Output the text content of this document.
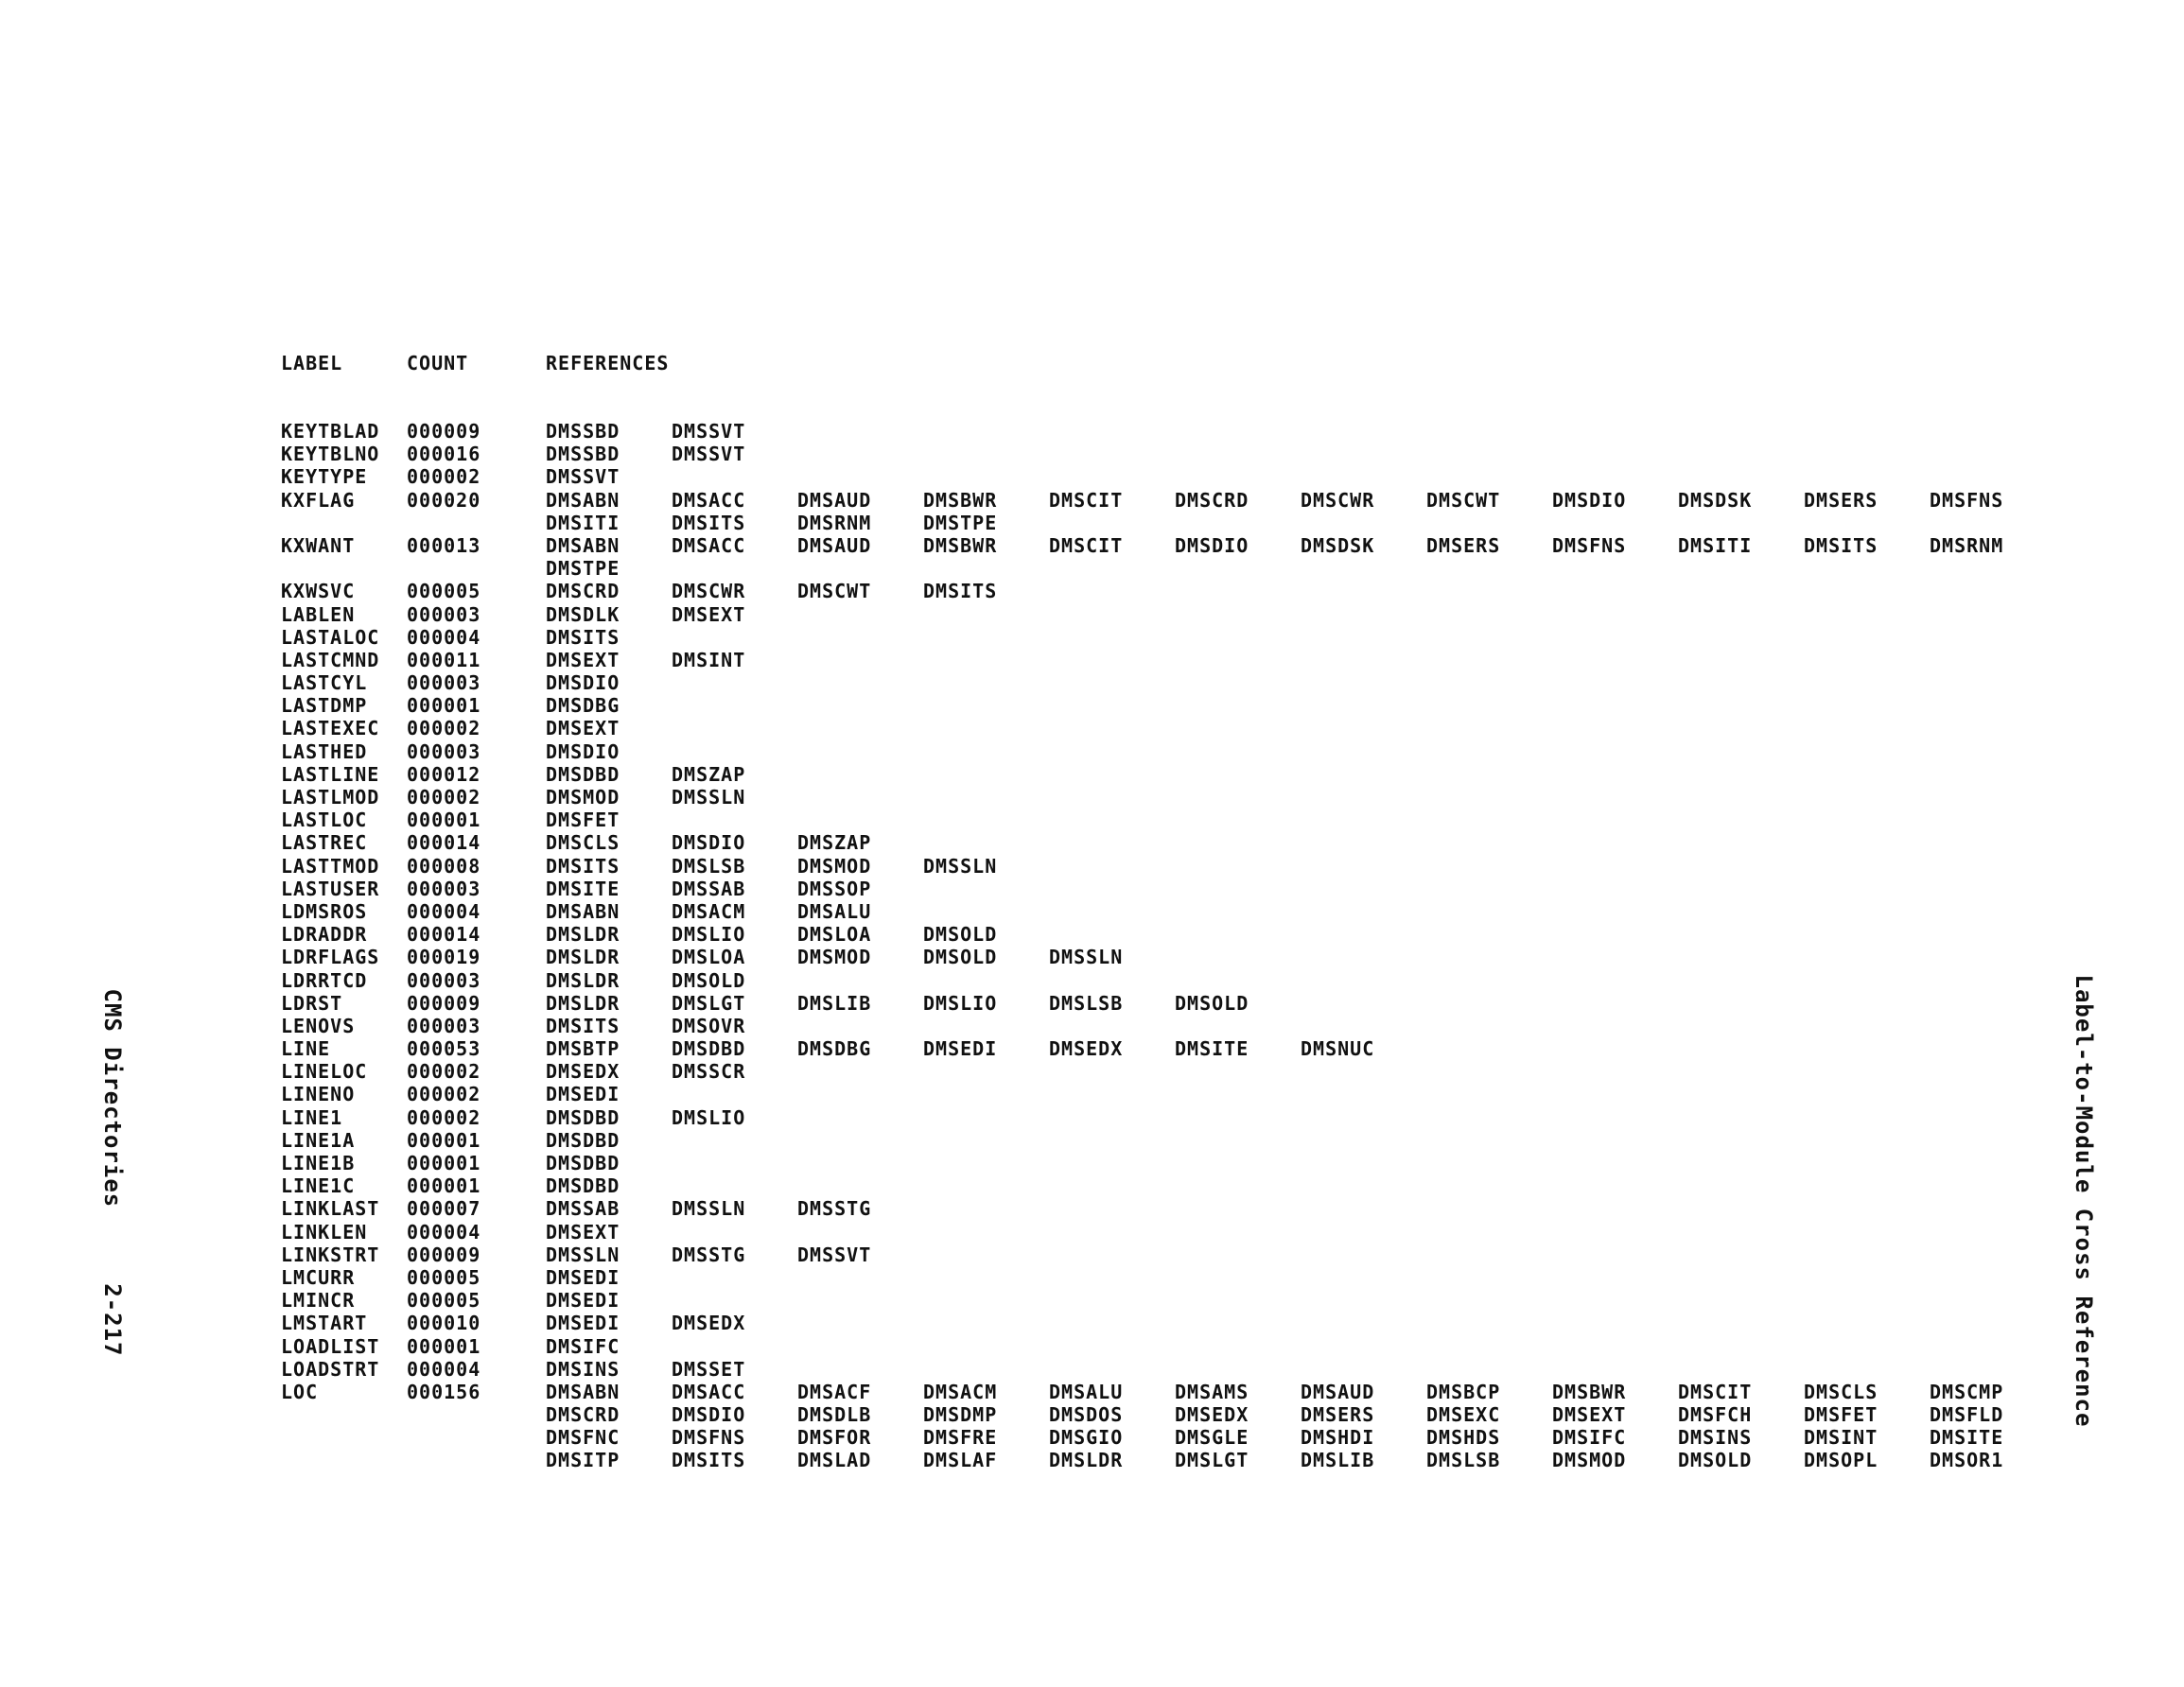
LABEL	COUNT	REFERENCES
KEYTBLAD 000009	DMSSBD	DMSSVT
KEYTBLNO 000016	DMSSBD	DMSSVT
KEYTYPE 000002	DMSSVT
KXFLAG	000020	DMSABN	DMSACC	DMSAUD	DMSBWR	DMSCIT	DMSCRD	DMSCWR	DMSCWT	DMSDIO	DMSDSK	DMSERS	DMSFNS
DMSITI	DMSITS	DMSRNM	DMSTPE
KXWANT	000013	DMSABN	DMSACC	DMSAUD	DMSBWR	DMSCIT	DMSDIO	DMSDSK	DMSERS	DMSFNS	DMSITI	DMSITS	DMSRNM
DMSTPE
KXWSVC	000005	DMSCRD	DMSCWR	DMSCWT	DMSITS
LABLEN	000003	DMSDLK	DMSEXT
LASTALOC 000004	DMSITS
LASTCMND 000011	DMSEXT	DMSINT
LASTCYL 000003	DMSDIO
LASTDMP 000001	DMSDBG
LASTEXEC 000002	DMSEXT
LASTHED 000003	DMSDIO
LASTLINE 000012	DMSDBD	DMSZAP
LASTLMOD 000002	DMSMOD	DMSSLN
LASTLOC 000001	DMSFET
LASTREC 000014	DMSCLS	DMSDIO	DMSZAP
LASTTMOD 000008	DMSITS	DMSLSB	DMSMOD	DMSSLN
LASTUSER 000003	DMSITE	DMSSAB	DMSSOP
LDMSROS 000004	DMSABN	DMSACM	DMSALU
LDRADDR 000014	DMSLDR	DMSLIO	DMSLOA	DMSOLD
LDRFLAGS 000019	DMSLDR	DMSLOA	DMSMOD	DMSOLD	DMSSLN
LDRRTCD 000003	DMSLDR	DMSOLD
LDRST	000009	DMSLDR	DMSLGT	DMSLIB	DMSLIO	DMSLSB	DMSOLD
LENOVS	000003	DMSITS	DMSOVR
LINE	000053	DMSBTP	DMSDBD	DMSDBG	DMSEDI	DMSEDX	DMSITE	DMSNUC
LINELOC 000002	DMSEDX	DMSSCR
LINENO	000002	DMSEDI
LINE1	000002	DMSDBD	DMSLIO
LINE1A	000001	DMSDBD
LINE1B	000001	DMSDBD
LINE1C	000001	DMSDBD
LINKLAST 000007	DMSSAB	DMSSLN	DMSSTG
LINKLEN 000004	DMSEXT
LINKSTRT 000009	DMSSLN	DMSSTG	DMSSVT
LMCURR	000005	DMSEDI
LMINCR	000005	DMSEDI
LMSTART 000010	DMSEDI	DMSEDX
LOADLIST 000001	DMSIFC
LOADSTRT 000004	DMSINS	DMSSET
LOC	000156	DMSABN	DMSACC	DMSACF	DMSACM	DMSALU	DMSAMS	DMSAUD	DMSBCP	DMSBWR	DMSCIT	DMSCLS	DMSCMP
DMSCRD	DMSDIO	DMSDLB	DMSDMP	DMSDOS	DMSEDX	DMSERS	DMSEXC	DMSEXT	DMSFCH	DMSFET	DMSFLD
DMSFNC	DMSFNS	DMSFOR	DMSFRE	DMSGIO	DMSGLE	DMSHDI	DMSHDS	DMSIFC	DMSINS	DMSINT	DMSITE
DMSITP	DMSITS	DMSLAD	DMSLAF	DMSLDR	DMSLGT	DMSLIB	DMSLSB	DMSMOD	DMSOLD	DMSOPL	DMSOR1
CMS Directories
2-217	Label-to-Module Cross Reference
